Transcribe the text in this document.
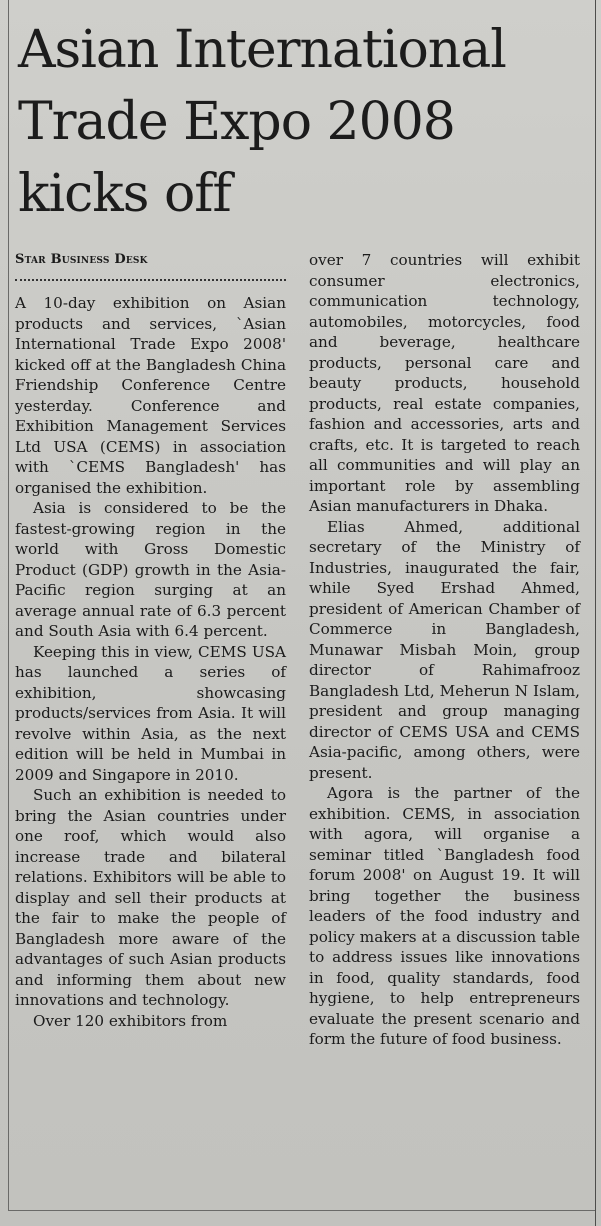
Asian International Trade Expo 2008 kicks off
Star Business Desk

A 10-day exhibition on Asian products and services, `Asian International Trade Expo 2008' kicked off at the Bangladesh China Friendship Conference Centre yesterday. Conference and Exhibition Management Services Ltd USA (CEMS) in association with `CEMS Bangladesh' has organised the exhibition.

Asia is considered to be the fastest-growing region in the world with Gross Domestic Product (GDP) growth in the Asia-Pacific region surging at an average annual rate of 6.3 percent and South Asia with 6.4 percent.

Keeping this in view, CEMS USA has launched a series of exhibition, showcasing products/services from Asia. It will revolve within Asia, as the next edition will be held in Mumbai in 2009 and Singapore in 2010.

Such an exhibition is needed to bring the Asian countries under one roof, which would also increase trade and bilateral relations. Exhibitors will be able to display and sell their products at the fair to make the people of Bangladesh more aware of the advantages of such Asian products and informing them about new innovations and technology.

Over 120 exhibitors from

over 7 countries will exhibit consumer electronics, communication technology, automobiles, motorcycles, food and beverage, healthcare products, personal care and beauty products, household products, real estate companies, fashion and accessories, arts and crafts, etc. It is targeted to reach all communities and will play an important role by assembling Asian manufacturers in Dhaka.

Elias Ahmed, additional secretary of the Ministry of Industries, inaugurated the fair, while Syed Ershad Ahmed, president of American Chamber of Commerce in Bangladesh, Munawar Misbah Moin, group director of Rahimafrooz Bangladesh Ltd, Meherun N Islam, president and group managing director of CEMS USA and CEMS Asia-pacific, among others, were present.

Agora is the partner of the exhibition. CEMS, in association with agora, will organise a seminar titled `Bangladesh food forum 2008' on August 19. It will bring together the business leaders of the food industry and policy makers at a discussion table to address issues like innovations in food, quality standards, food hygiene, to help entrepreneurs evaluate the present scenario and form the future of food business.
